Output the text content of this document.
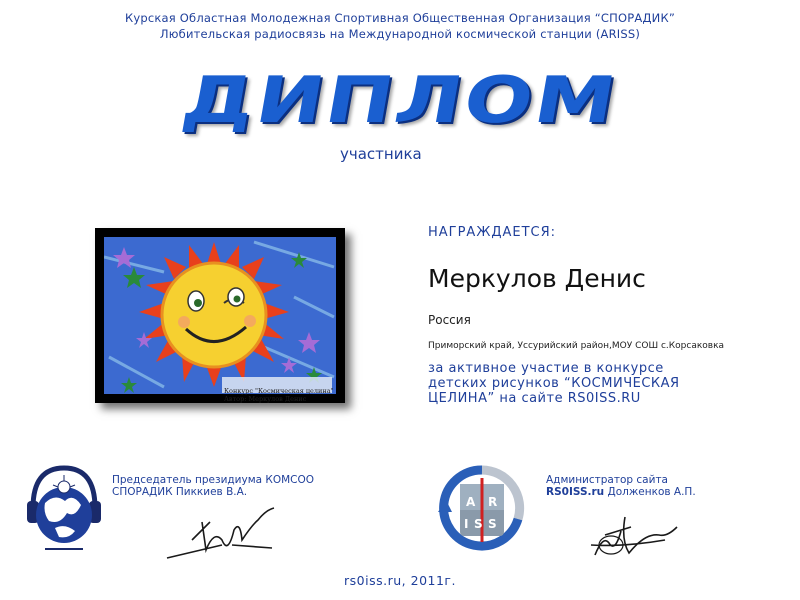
Курская Областная Молодежная Спортивная Общественная Организация “СПОРАДИК”
Любительская радиосвязь на Международной космической станции (ARISS)
ДИПЛОМ
участника
Конкурс "Космическая целина"
Автор: Меркулов Денис
НАГРАЖДАЕТСЯ:
Меркулов Денис
Россия
Приморский край, Уссурийский район,МОУ СОШ с.Корсаковка
за активное участие в конкурсе
детских рисунков “КОСМИЧЕСКАЯ
ЦЕЛИНА” на сайте RS0ISS.RU
Председатель президиума КОМСОО
СПОРАДИК Пиккиев В.А.
A R
I S S
Администратор сайта
RS0ISS.ru Долженков А.П.
rs0iss.ru, 2011г.
